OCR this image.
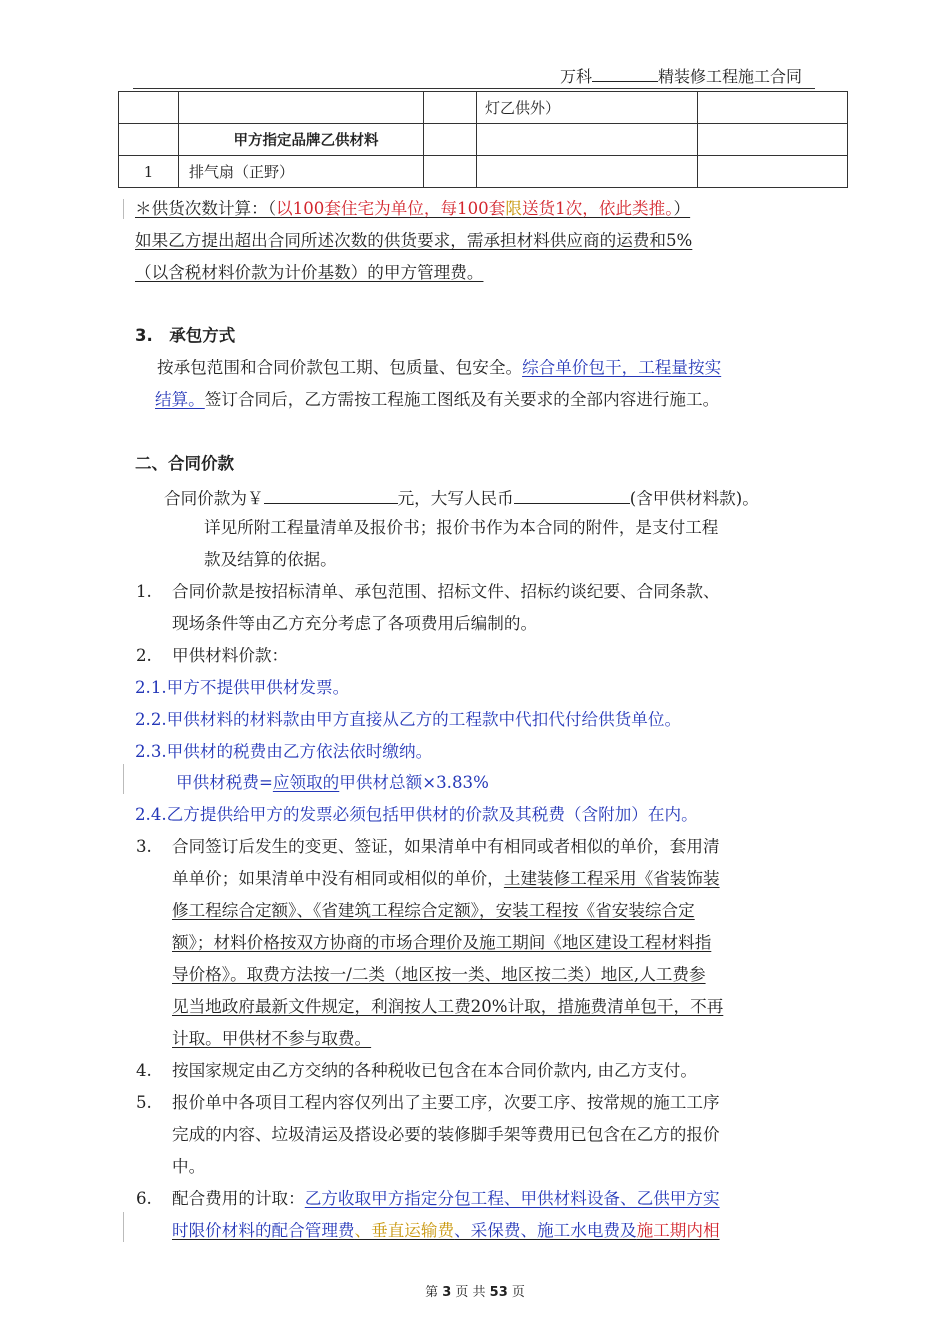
万科	精装修工程施工合同
			灯乙供外）	
	甲方指定品牌乙供材料			
1	排气扇（正野）			
＊供货次数计算：（以100套住宅为单位，每100套限送货1次，依此类推。）
如果乙方提出超出合同所述次数的供货要求，需承担材料供应商的运费和5%
（以含税材料价款为计价基数）的甲方管理费。
3.　承包方式
按承包范围和合同价款包工期、包质量、包安全。综合单价包干，工程量按实
结算。签订合同后，乙方需按工程施工图纸及有关要求的全部内容进行施工。
二、合同价款
合同价款为￥	元，大写人民币	(含甲供材料款)。
详见所附工程量清单及报价书；报价书作为本合同的附件，是支付工程
款及结算的依据。
1. 合同价款是按招标清单、承包范围、招标文件、招标约谈纪要、合同条款、
现场条件等由乙方充分考虑了各项费用后编制的。
2. 甲供材料价款：
2.1.甲方不提供甲供材发票。
2.2.甲供材料的材料款由甲方直接从乙方的工程款中代扣代付给供货单位。
2.3.甲供材的税费由乙方依法依时缴纳。
甲供材税费=应领取的甲供材总额×3.83%
2.4.乙方提供给甲方的发票必须包括甲供材的价款及其税费（含附加）在内。
3. 合同签订后发生的变更、签证，如果清单中有相同或者相似的单价，套用清
单单价；如果清单中没有相同或相似的单价，土建装修工程采用《省装饰装
修工程综合定额》、《省建筑工程综合定额》，安装工程按《省安装综合定
额》；材料价格按双方协商的市场合理价及施工期间《地区建设工程材料指
导价格》。取费方法按一/二类（地区按一类、地区按二类）地区,人工费参
见当地政府最新文件规定，利润按人工费20%计取，措施费清单包干，不再
计取。甲供材不参与取费。
4. 按国家规定由乙方交纳的各种税收已包含在本合同价款内, 由乙方支付。
5. 报价单中各项目工程内容仅列出了主要工序，次要工序、按常规的施工工序
完成的内容、垃圾清运及搭设必要的装修脚手架等费用已包含在乙方的报价
中。
6. 配合费用的计取：乙方收取甲方指定分包工程、甲供材料设备、乙供甲方实
时限价材料的配合管理费、垂直运输费、采保费、施工水电费及施工期内相
第 3 页 共 53 页
